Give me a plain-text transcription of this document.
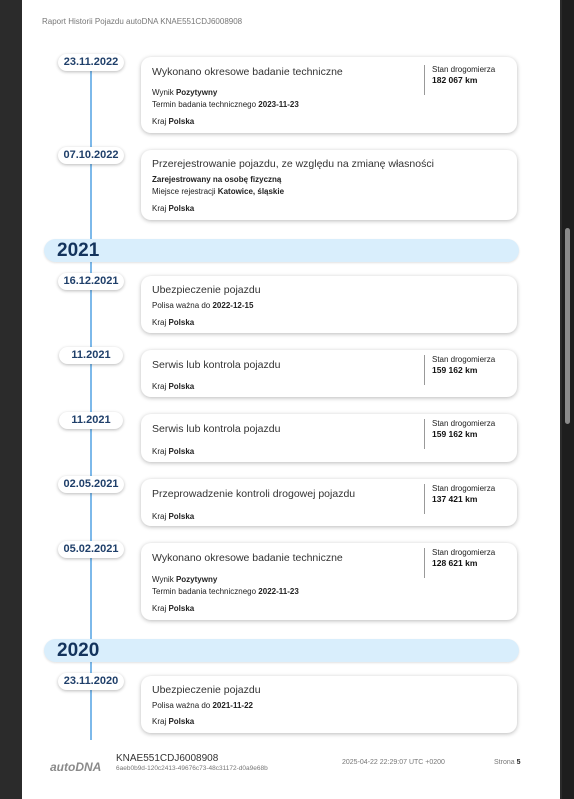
Raport Historii Pojazdu autoDNA KNAE551CDJ6008908
2021
2020
23.11.2022
07.10.2022
16.12.2021
11.2021
11.2021
02.05.2021
05.02.2021
23.11.2020
Wykonano okresowe badanie techniczne
Wynik Pozytywny
Termin badania technicznego 2023-11-23
Kraj Polska
Stan drogomierza
182 067 km
Przerejestrowanie pojazdu, ze względu na zmianę własności
Zarejestrowany na osobę fizyczną
Miejsce rejestracji Katowice, śląskie
Kraj Polska
Ubezpieczenie pojazdu
Polisa ważna do 2022-12-15
Kraj Polska
Serwis lub kontrola pojazdu
Kraj Polska
Stan drogomierza
159 162 km
Serwis lub kontrola pojazdu
Kraj Polska
Stan drogomierza
159 162 km
Przeprowadzenie kontroli drogowej pojazdu
Kraj Polska
Stan drogomierza
137 421 km
Wykonano okresowe badanie techniczne
Wynik Pozytywny
Termin badania technicznego 2022-11-23
Kraj Polska
Stan drogomierza
128 621 km
Ubezpieczenie pojazdu
Polisa ważna do 2021-11-22
Kraj Polska
autoDNA
KNAE551CDJ6008908
6aeb0b9d-120c2413-49676c73-48c31172-d0a9e68b
2025-04-22 22:29:07 UTC +0200	Strona 5
